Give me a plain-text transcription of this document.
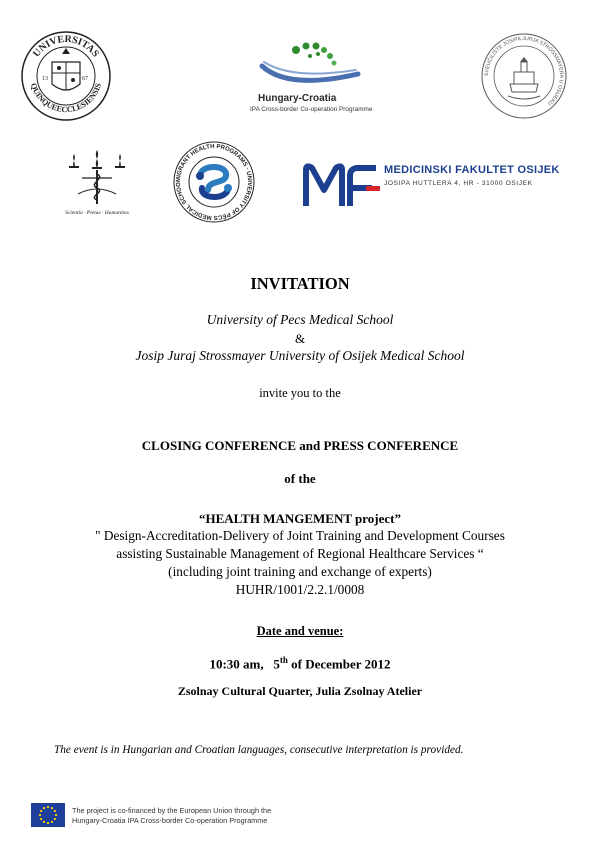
UNIVERSITAS
QUINQUEECCLESIENSIS
13	67
Hungary-Croatia
IPA Cross-border Co-operation Programme
SVEUČILIŠTE JOSIPA JURJA STROSSMAYERA U OSIJEKU
Scientia · Pietas · Humanitas
MIGRANT HEALTH PROGRAMS · UNIVERSITY OF PÉCS MEDICAL SCHOO
MEDICINSKI FAKULTET OSIJEK
JOSIPA HUTTLERA 4, HR - 31000 OSIJEK
INVITATION
University of Pecs Medical School
&
Josip Juraj Strossmayer University of Osijek Medical School
invite you to the
CLOSING CONFERENCE and PRESS CONFERENCE
of the
“HEALTH MANGEMENT project”
" Design-Accreditation-Delivery of Joint Training and Development Courses
assisting Sustainable Management of Regional Healthcare Services “
(including joint training and exchange of experts)
HUHR/1001/2.2.1/0008
Date and venue:
10:30 am, 5th of December 2012
Zsolnay Cultural Quarter, Julia Zsolnay Atelier
The event is in Hungarian and Croatian languages, consecutive interpretation is provided.
The project is co-financed by the European Union through the
Hungary-Croatia IPA Cross-border Co-operation Programme
